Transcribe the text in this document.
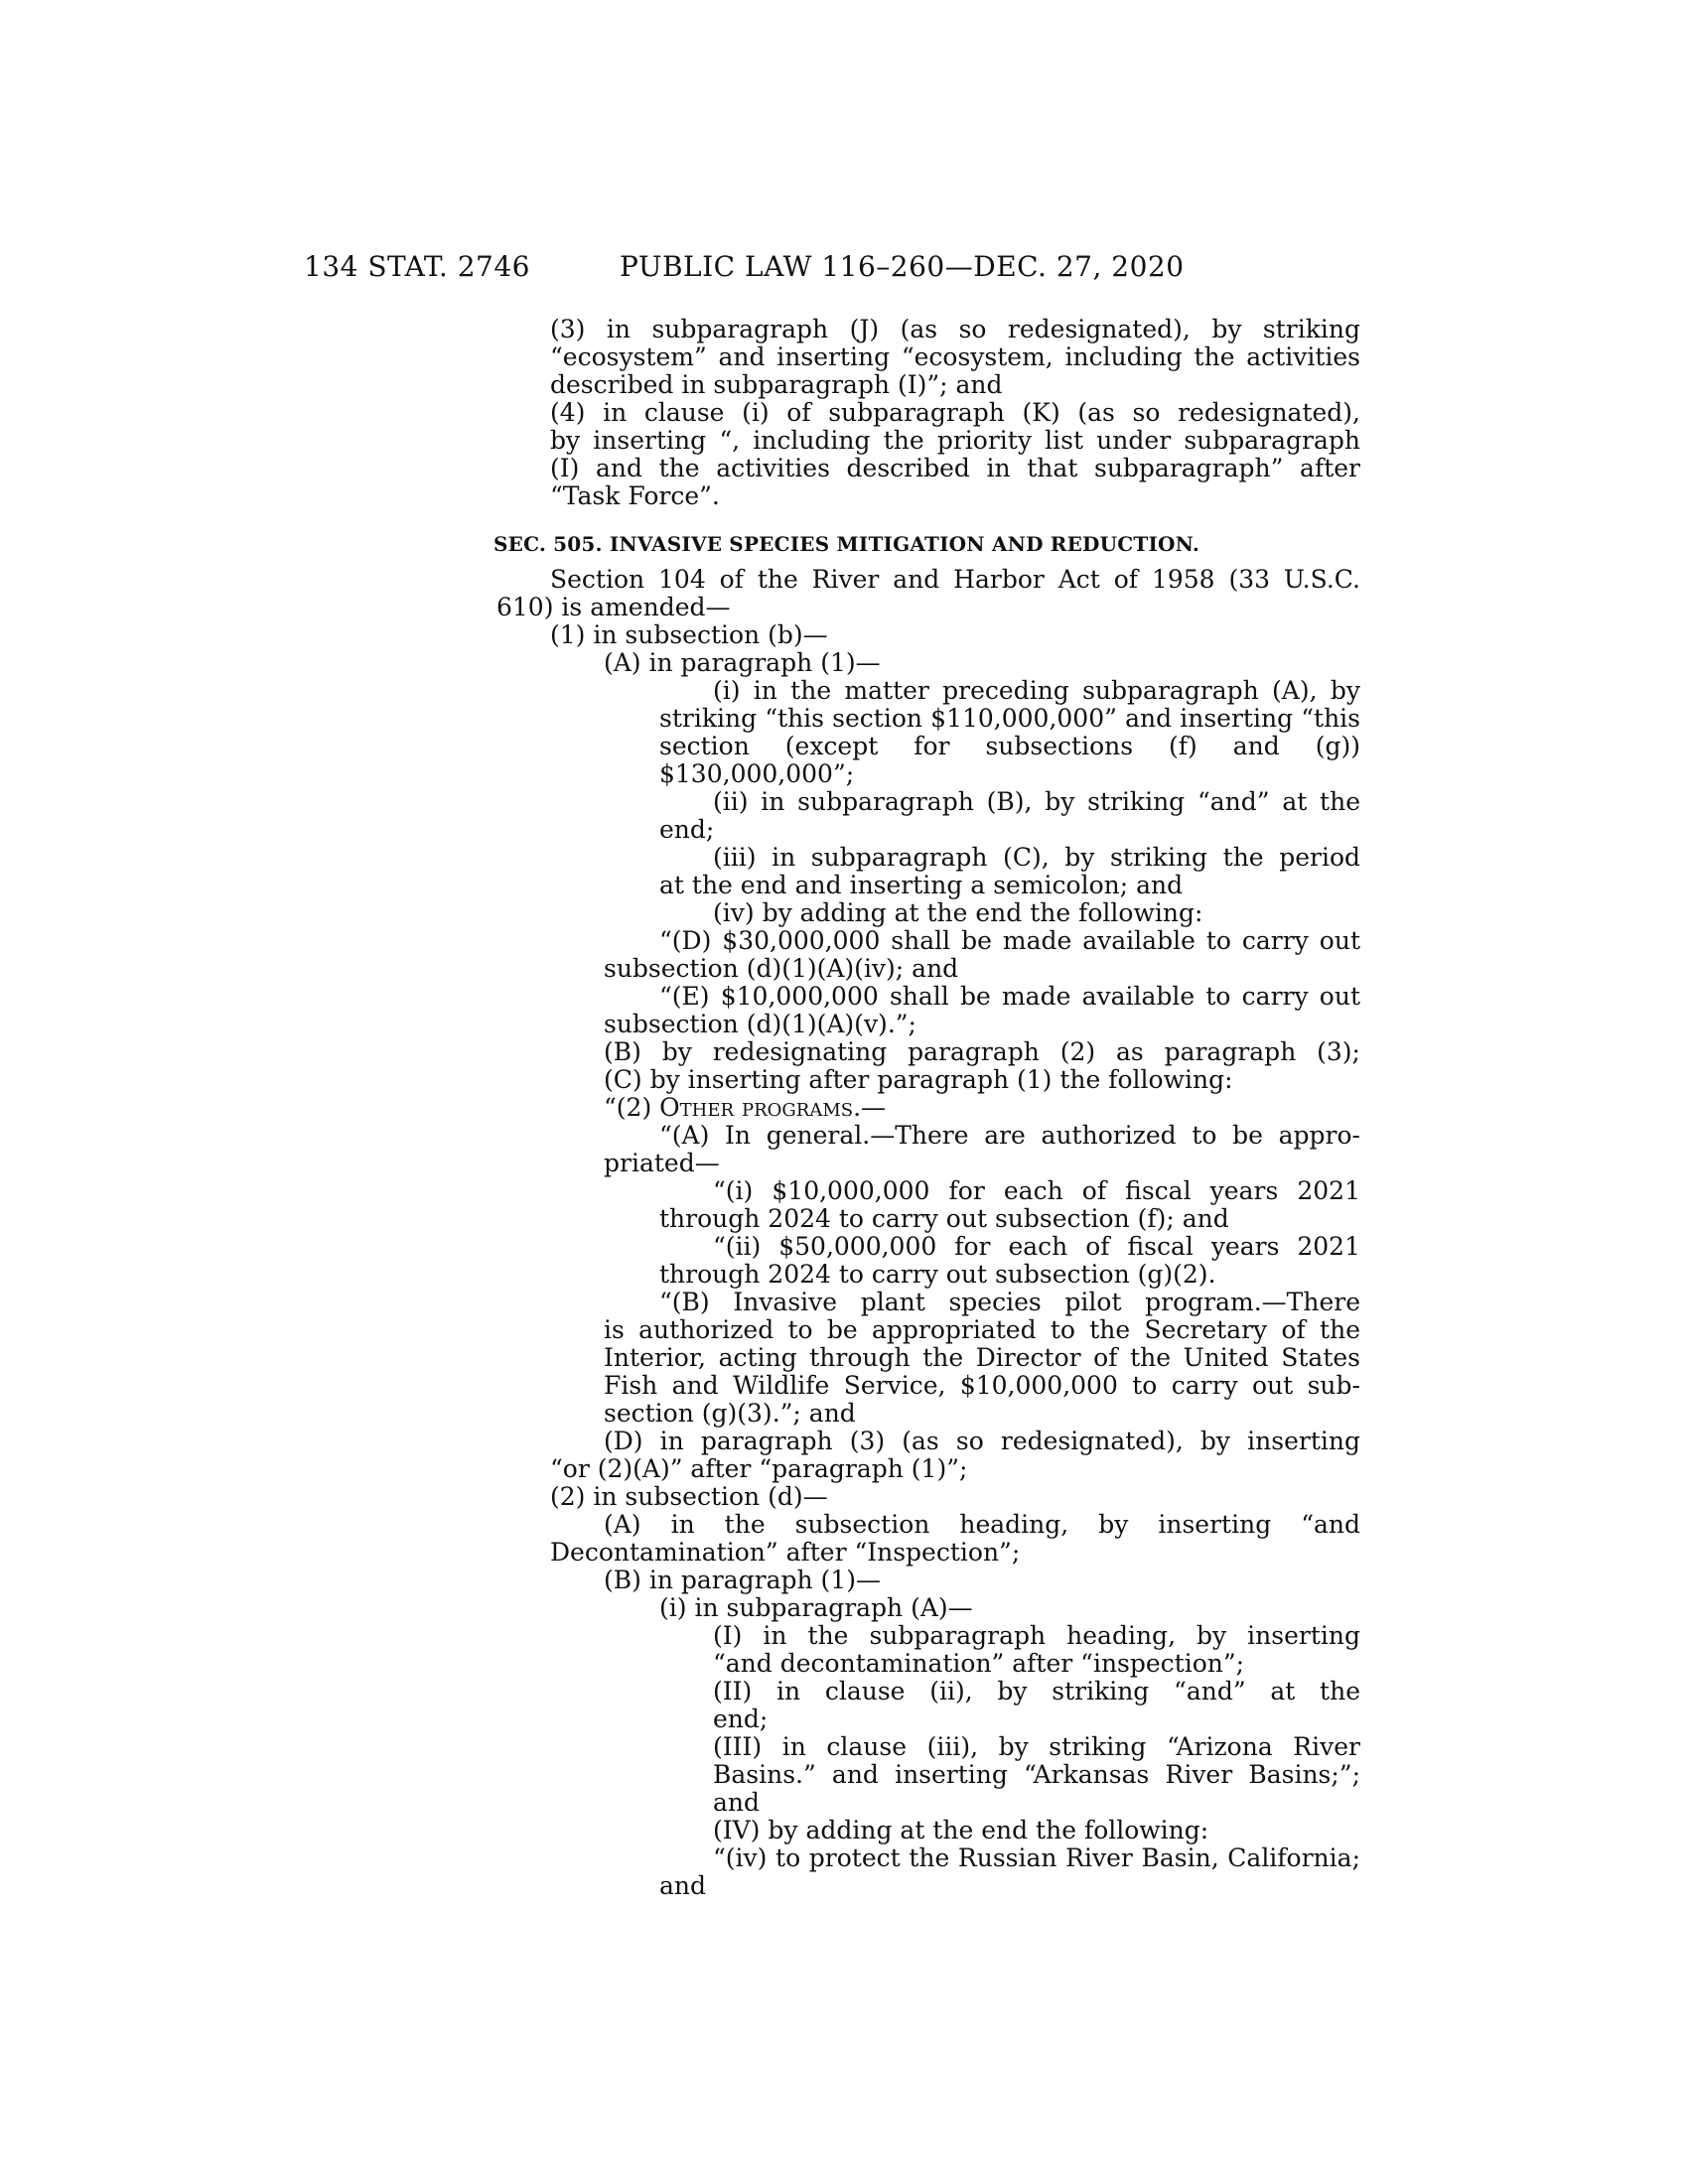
134 STAT. 2746	PUBLIC LAW 116–260—DEC. 27, 2020
(3) in subparagraph (J) (as so redesignated), by striking
“ecosystem” and inserting “ecosystem, including the activities
described in subparagraph (I)”; and
(4) in clause (i) of subparagraph (K) (as so redesignated),
by inserting “, including the priority list under subparagraph
(I) and the activities described in that subparagraph” after
“Task Force”.
SEC. 505. INVASIVE SPECIES MITIGATION AND REDUCTION.
Section 104 of the River and Harbor Act of 1958 (33 U.S.C.
610) is amended—
(1) in subsection (b)—
(A) in paragraph (1)—
(i) in the matter preceding subparagraph (A), by
striking “this section $110,000,000” and inserting “this
section (except for subsections (f) and (g))
$130,000,000”;
(ii) in subparagraph (B), by striking “and” at the
end;
(iii) in subparagraph (C), by striking the period
at the end and inserting a semicolon; and
(iv) by adding at the end the following:
“(D) $30,000,000 shall be made available to carry out
subsection (d)(1)(A)(iv); and
“(E) $10,000,000 shall be made available to carry out
subsection (d)(1)(A)(v).”;
(B) by redesignating paragraph (2) as paragraph (3);
(C) by inserting after paragraph (1) the following:
“(2) Other programs.—
“(A) In general.—There are authorized to be appro-
priated—
“(i) $10,000,000 for each of fiscal years 2021
through 2024 to carry out subsection (f); and
“(ii) $50,000,000 for each of fiscal years 2021
through 2024 to carry out subsection (g)(2).
“(B) Invasive plant species pilot program.—There
is authorized to be appropriated to the Secretary of the
Interior, acting through the Director of the United States
Fish and Wildlife Service, $10,000,000 to carry out sub-
section (g)(3).”; and
(D) in paragraph (3) (as so redesignated), by inserting
“or (2)(A)” after “paragraph (1)”;
(2) in subsection (d)—
(A) in the subsection heading, by inserting “and
Decontamination” after “Inspection”;
(B) in paragraph (1)—
(i) in subparagraph (A)—
(I) in the subparagraph heading, by inserting
“and decontamination” after “inspection”;
(II) in clause (ii), by striking “and” at the
end;
(III) in clause (iii), by striking “Arizona River
Basins.” and inserting “Arkansas River Basins;”;
and
(IV) by adding at the end the following:
“(iv) to protect the Russian River Basin, California;
and
